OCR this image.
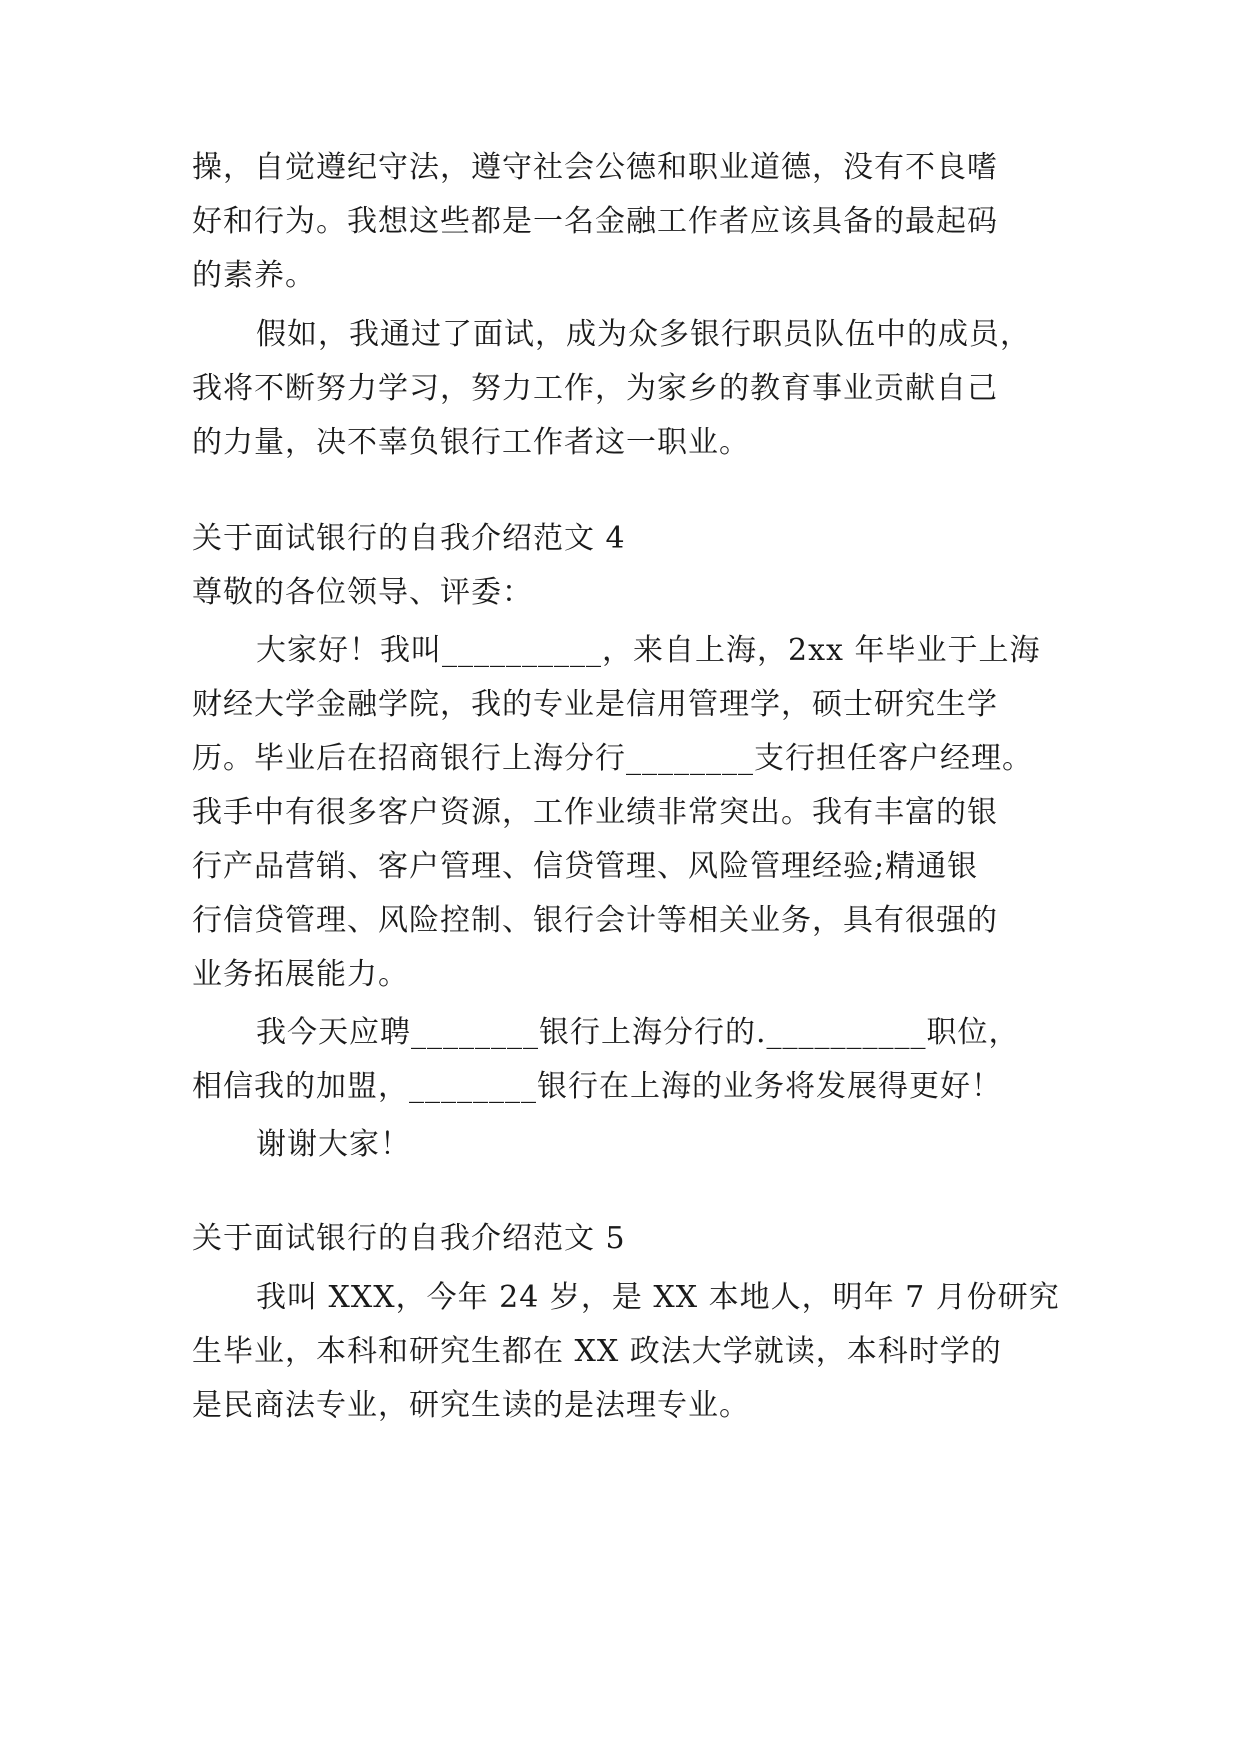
操，自觉遵纪守法，遵守社会公德和职业道德，没有不良嗜
好和行为。我想这些都是一名金融工作者应该具备的最起码
的素养。
假如，我通过了面试，成为众多银行职员队伍中的成员，
我将不断努力学习，努力工作，为家乡的教育事业贡献自己
的力量，决不辜负银行工作者这一职业。
关于面试银行的自我介绍范文 4
尊敬的各位领导、评委：
大家好！我叫__________，来自上海，2xx 年毕业于上海
财经大学金融学院，我的专业是信用管理学，硕士研究生学
历。毕业后在招商银行上海分行________支行担任客户经理。
我手中有很多客户资源，工作业绩非常突出。我有丰富的银
行产品营销、客户管理、信贷管理、风险管理经验;精通银
行信贷管理、风险控制、银行会计等相关业务，具有很强的
业务拓展能力。
我今天应聘________银行上海分行的.__________职位，
相信我的加盟，________银行在上海的业务将发展得更好！
谢谢大家！
关于面试银行的自我介绍范文 5
我叫 XXX，今年 24 岁，是 XX 本地人，明年 7 月份研究
生毕业，本科和研究生都在 XX 政法大学就读，本科时学的
是民商法专业，研究生读的是法理专业。
